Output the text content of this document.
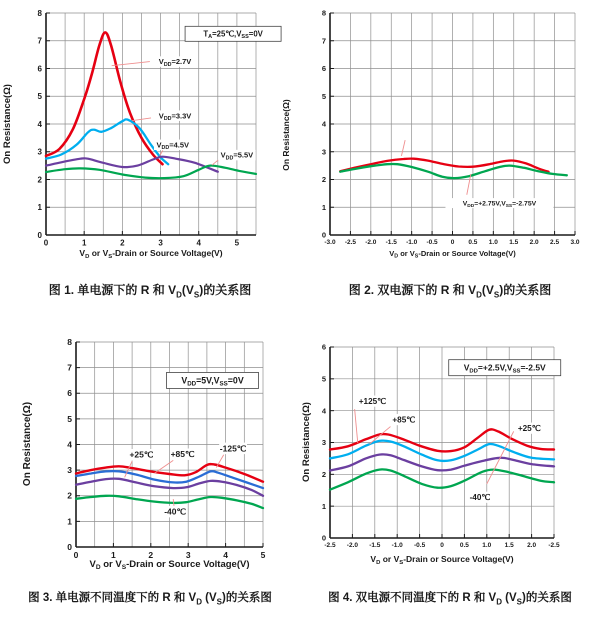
0	1	2	3	4	5
0
1
2
3
4
5
6
7
8
$V_D$ or $V_S$-Drain or Source Voltage(V)
On Resistance(Ω)
$V_{DD}=2.7V$
$V_{DD}=3.3V$
$V_{DD}=4.5V$
$V_{DD}=5.5V$
$T_A=25℃,V_{SS}=0V$
-3.0 -2.5 -2.0 -1.5 -1.0 -0.5 0 0.5 1.0 1.5 2.0 2.5 3.0
0
1
2
3
4
5
6
7
8
$V_D$ or $V_S$-Drain or Source Voltage(V)
On Resistance(Ω)
$V_{DD}=+2.75V,V_{SS}=-2.75V$
0	1	2	3	4	5
0
1
2
3
4
5
6
7
8
$V_D$ or $V_S$-Drain or Source Voltage(V)
On Resistance(Ω)	+25℃ +85℃
-125℃
-40℃
$V_{DD}=5V,V_{SS}=0V$
-2.5 -2.0 -1.5 -1.0 -0.5 0 0.5 1.0 1.5 2.0 -2.5
0
1
2
3
4
5
6
$V_D$ or $V_S$-Drain or Source Voltage(V)
On Resistance(Ω)
+125℃
+85℃
+25℃
-40℃
$V_{DD}=+2.5V,V_{SS}=-2.5V$
图 1. 单电源下的 R 和 $V_D(V_S)$的关系图	图 2. 双电源下的 R 和 $V_D(V_S)$的关系图
图 3. 单电源不同温度下的 R 和 $V_D$ $(V_S)$的关系图	图 4. 双电源不同温度下的 R 和 $V_D$ $(V_S)$的关系图
